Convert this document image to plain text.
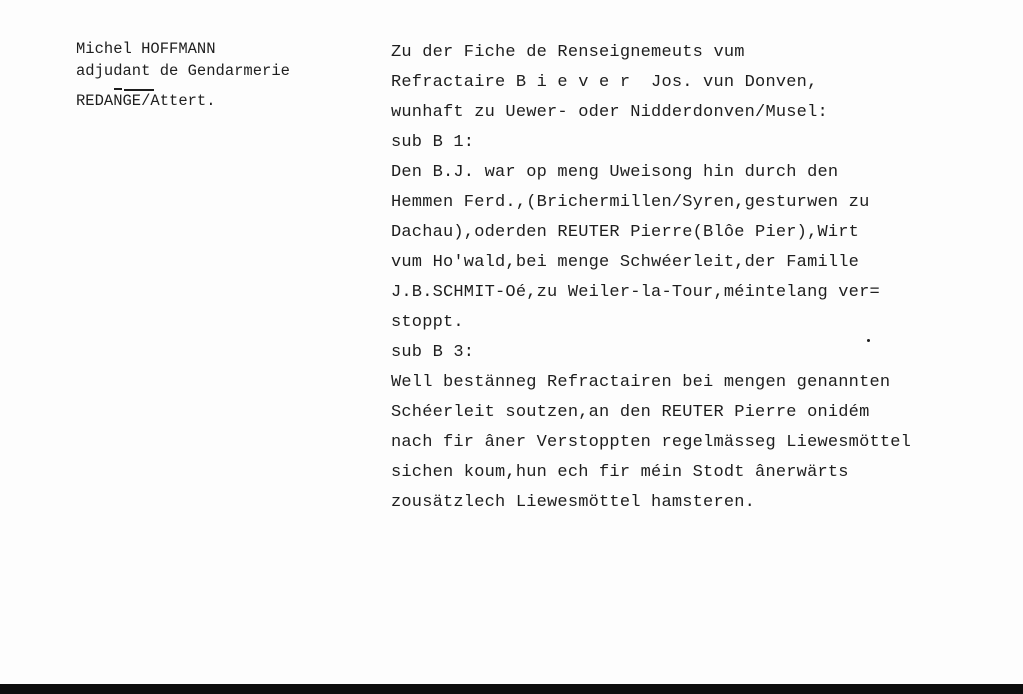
Michel HOFFMANN
adjudant de Gendarmerie
REDANGE/Attert.
Zu der Fiche de Renseignemeuts vum
Refractaire B i e v e r  Jos. vun Donven,
wunhaft zu Uewer- oder Nidderdonven/Musel:
sub B 1:
Den B.J. war op meng Uweisong hin durch den
Hemmen Ferd.,(Brichermillen/Syren,gesturwen zu
Dachau),oderden REUTER Pierre(Blôe Pier),Wirt
vum Ho'wald,bei menge Schwéerleit,der Famille
J.B.SCHMIT-Oé,zu Weiler-la-Tour,méintelang ver=
stoppt.
sub B 3:
Well bestänneg Refractairen bei mengen genannten
Schéerleit soutzen,an den REUTER Pierre onidém
nach fir âner Verstoppten regelmässeg Liewesmöttel
sichen koum,hun ech fir méin Stodt ânerwärts
zousätzlech Liewesmöttel hamsteren.
